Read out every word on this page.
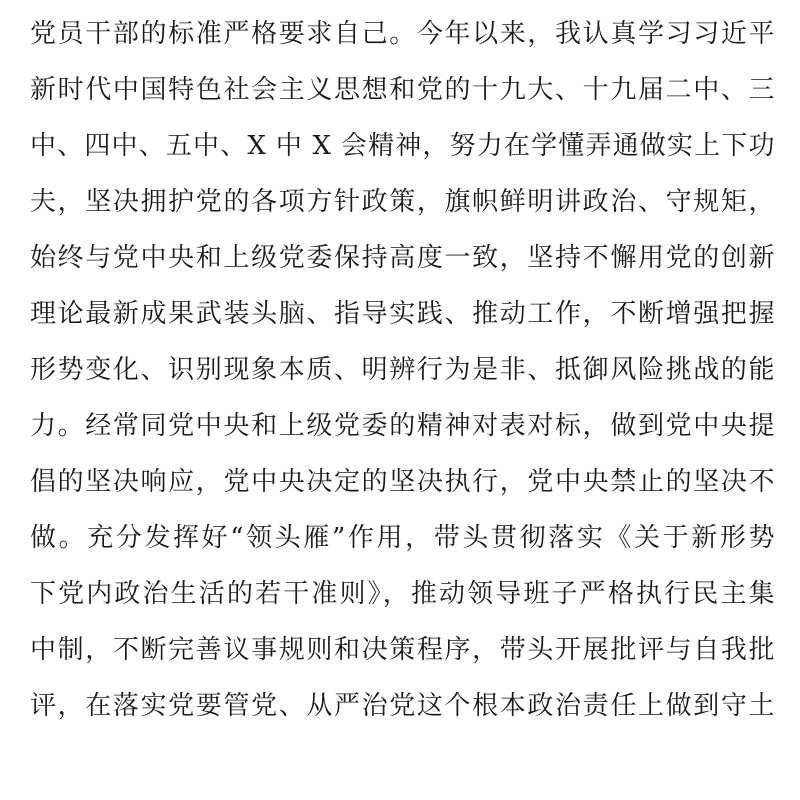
党员干部的标准严格要求自己。今年以来，我认真学习习近平
新时代中国特色社会主义思想和党的十九大、十九届二中、三
中、四中、五中、X 中 X 会精神，努力在学懂弄通做实上下功
夫，坚决拥护党的各项方针政策，旗帜鲜明讲政治、守规矩，
始终与党中央和上级党委保持高度一致，坚持不懈用党的创新
理论最新成果武装头脑、指导实践、推动工作，不断增强把握
形势变化、识别现象本质、明辨行为是非、抵御风险挑战的能
力。经常同党中央和上级党委的精神对表对标，做到党中央提
倡的坚决响应，党中央决定的坚决执行，党中央禁止的坚决不
做。充分发挥好“领头雁”作用，带头贯彻落实《关于新形势
下党内政治生活的若干准则》，推动领导班子严格执行民主集
中制，不断完善议事规则和决策程序，带头开展批评与自我批
评，在落实党要管党、从严治党这个根本政治责任上做到守土
